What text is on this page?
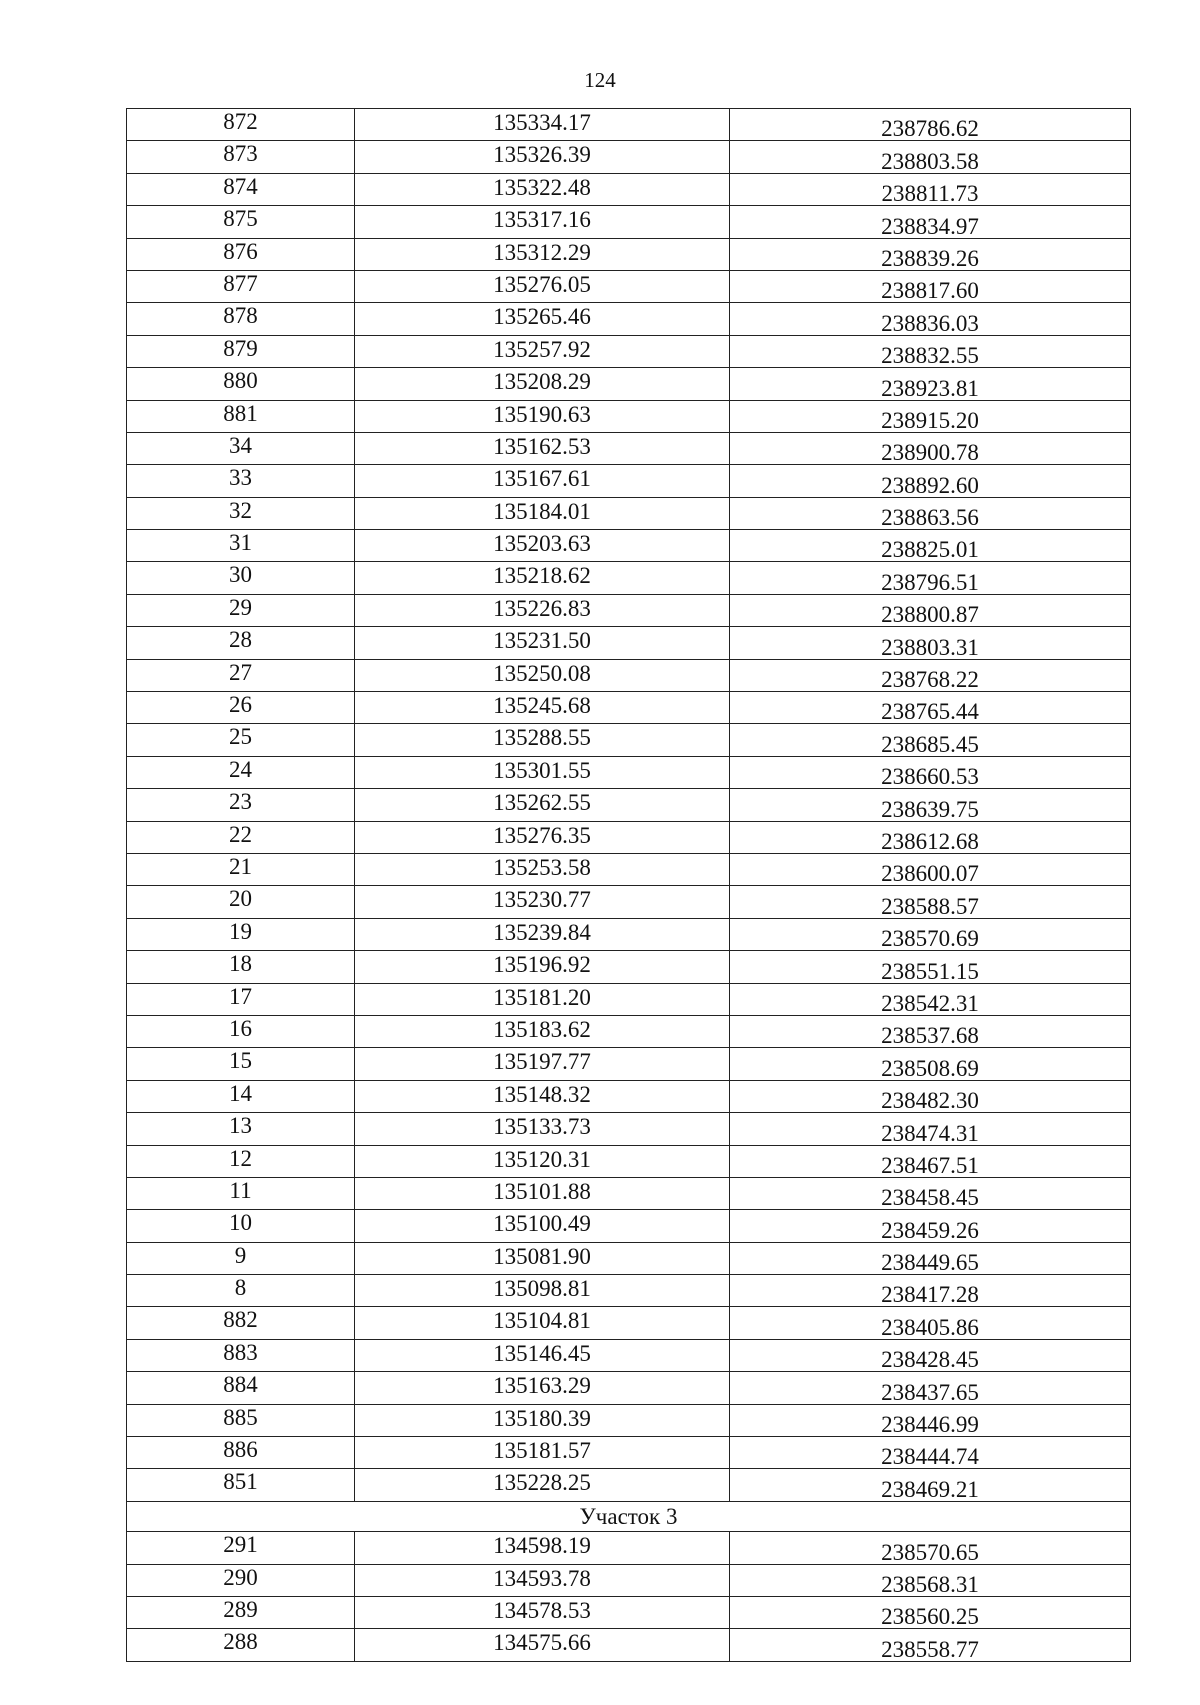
124
872	135334.17	238786.62
873	135326.39	238803.58
874	135322.48	238811.73
875	135317.16	238834.97
876	135312.29	238839.26
877	135276.05	238817.60
878	135265.46	238836.03
879	135257.92	238832.55
880	135208.29	238923.81
881	135190.63	238915.20
34	135162.53	238900.78
33	135167.61	238892.60
32	135184.01	238863.56
31	135203.63	238825.01
30	135218.62	238796.51
29	135226.83	238800.87
28	135231.50	238803.31
27	135250.08	238768.22
26	135245.68	238765.44
25	135288.55	238685.45
24	135301.55	238660.53
23	135262.55	238639.75
22	135276.35	238612.68
21	135253.58	238600.07
20	135230.77	238588.57
19	135239.84	238570.69
18	135196.92	238551.15
17	135181.20	238542.31
16	135183.62	238537.68
15	135197.77	238508.69
14	135148.32	238482.30
13	135133.73	238474.31
12	135120.31	238467.51
11	135101.88	238458.45
10	135100.49	238459.26
9	135081.90	238449.65
8	135098.81	238417.28
882	135104.81	238405.86
883	135146.45	238428.45
884	135163.29	238437.65
885	135180.39	238446.99
886	135181.57	238444.74
851	135228.25	238469.21
Участок 3		
291	134598.19	238570.65
290	134593.78	238568.31
289	134578.53	238560.25
288	134575.66	238558.77
